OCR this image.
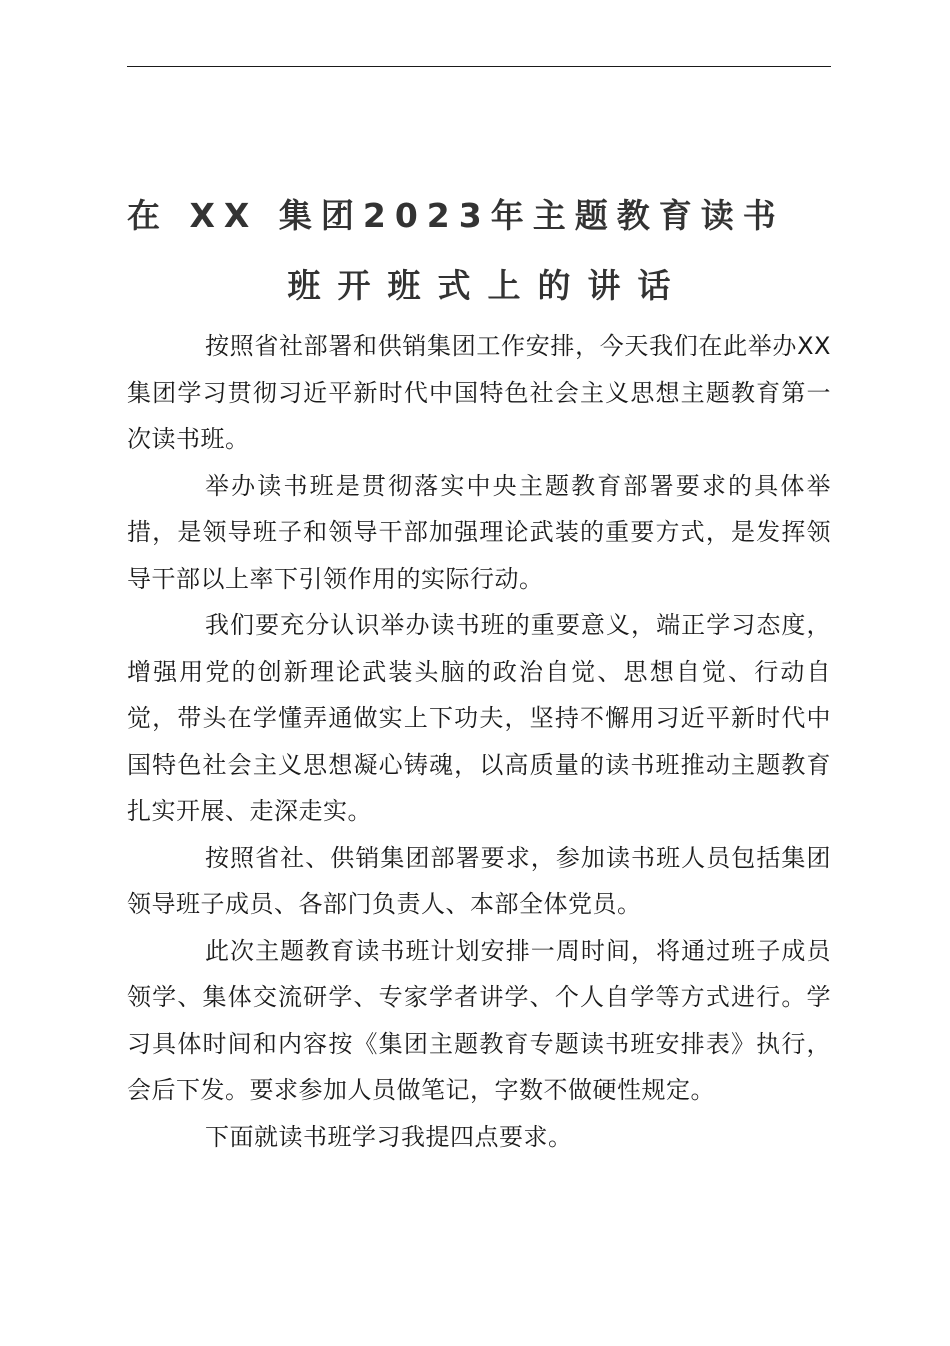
在 XX 集团2023年主题教育读书
班开班式上的讲话

按照省社部署和供销集团工作安排，今天我们在此举办XX 集团学习贯彻习近平新时代中国特色社会主义思想主题教育第一次读书班。

举办读书班是贯彻落实中央主题教育部署要求的具体举措，是领导班子和领导干部加强理论武装的重要方式，是发挥领导干部以上率下引领作用的实际行动。

我们要充分认识举办读书班的重要意义，端正学习态度，增强用党的创新理论武装头脑的政治自觉、思想自觉、行动自觉，带头在学懂弄通做实上下功夫，坚持不懈用习近平新时代中国特色社会主义思想凝心铸魂，以高质量的读书班推动主题教育扎实开展、走深走实。

按照省社、供销集团部署要求，参加读书班人员包括集团领导班子成员、各部门负责人、本部全体党员。

此次主题教育读书班计划安排一周时间，将通过班子成员领学、集体交流研学、专家学者讲学、个人自学等方式进行。学习具体时间和内容按《集团主题教育专题读书班安排表》执行，会后下发。要求参加人员做笔记，字数不做硬性规定。

下面就读书班学习我提四点要求。
